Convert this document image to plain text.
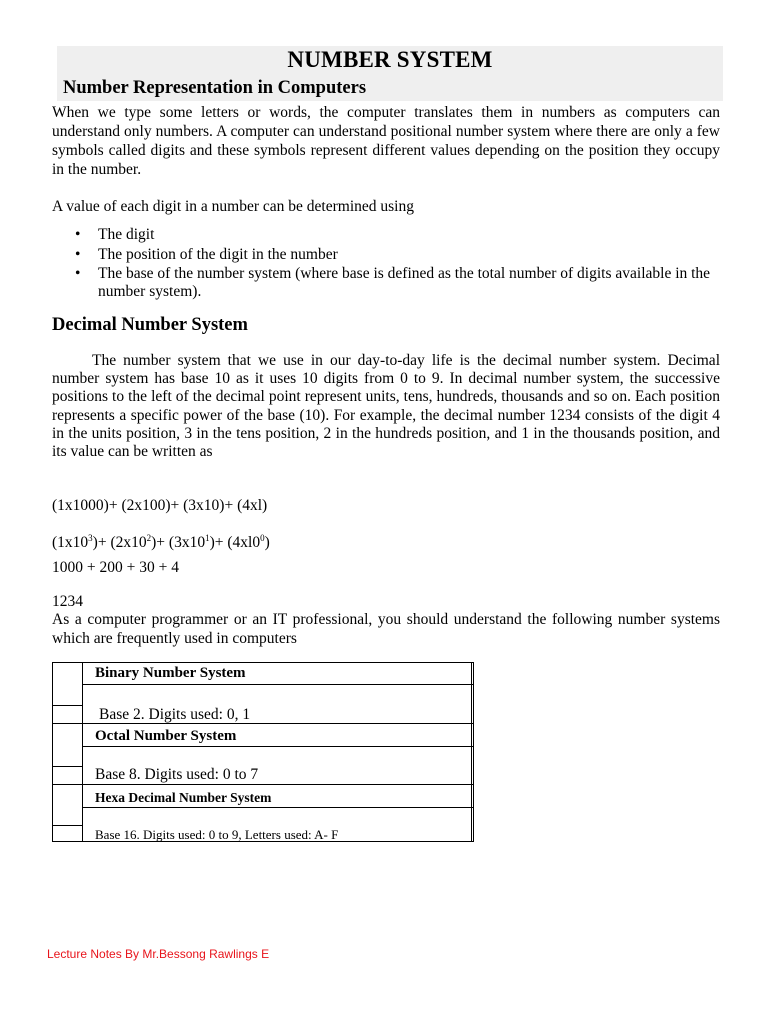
NUMBER SYSTEM
Number Representation in Computers
When we type some letters or words, the computer translates them in numbers as computers can understand only numbers. A computer can understand positional number system where there are only a few symbols called digits and these symbols represent different values depending on the position they occupy in the number.
A value of each digit in a number can be determined using
• The digit
• The position of the digit in the number
• The base of the number system (where base is defined as the total number of digits available in the number system).
Decimal Number System
The number system that we use in our day-to-day life is the decimal number system. Decimal number system has base 10 as it uses 10 digits from 0 to 9. In decimal number system, the successive positions to the left of the decimal point represent units, tens, hundreds, thousands and so on. Each position represents a specific power of the base (10). For example, the decimal number 1234 consists of the digit 4 in the units position, 3 in the tens position, 2 in the hundreds position, and 1 in the thousands position, and its value can be written as
(1x1000)+ (2x100)+ (3x10)+ (4xl)
$(1x10^3)+ (2x10^2)+ (3x10^1)+ (4xl0^0)$
1000 + 200 + 30 + 4
1234
As a computer programmer or an IT professional, you should understand the following number systems which are frequently used in computers
Binary Number System
Base 2. Digits used: 0, 1
Octal Number System
Base 8. Digits used: 0 to 7
Hexa Decimal Number System
Base 16. Digits used: 0 to 9, Letters used: A- F
Lecture Notes By Mr.Bessong Rawlings E
